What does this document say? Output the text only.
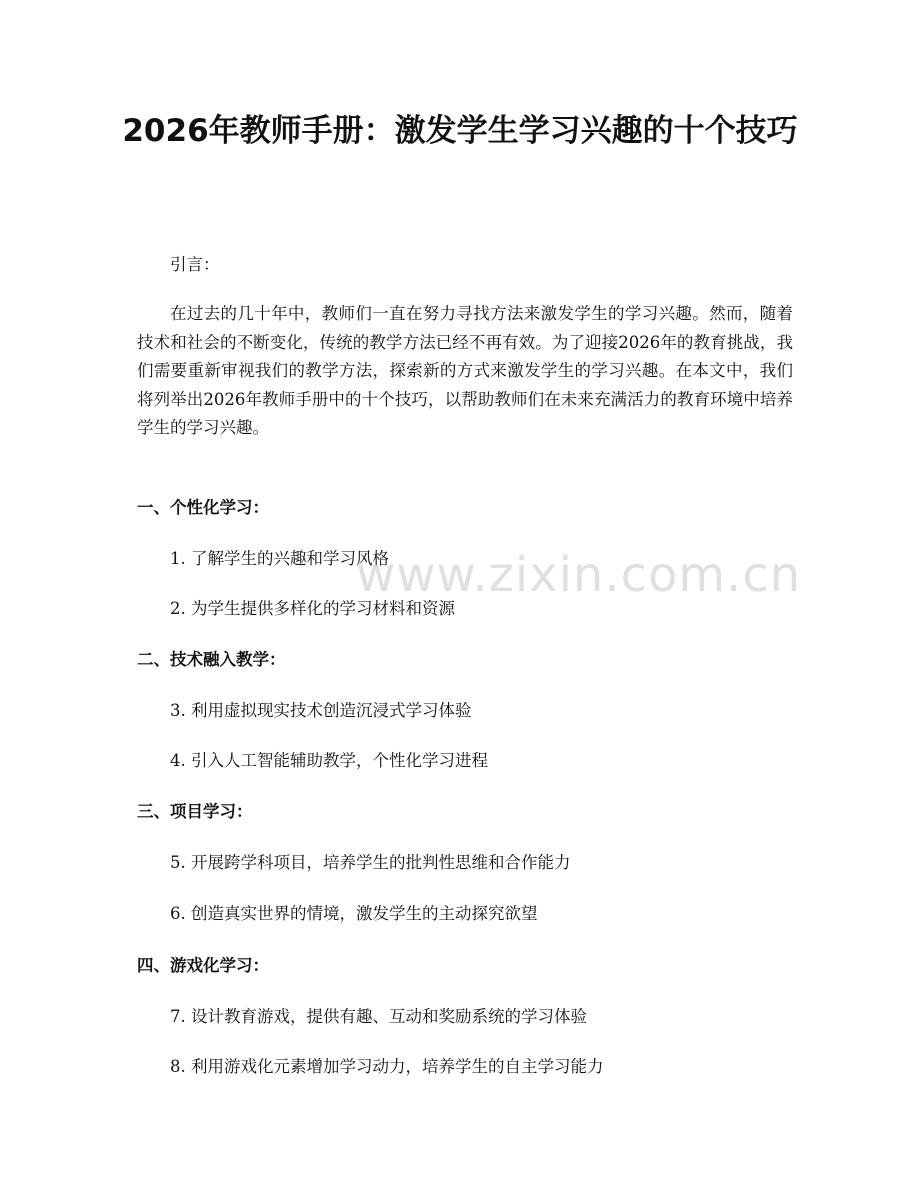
2026年教师手册：激发学生学习兴趣的十个技巧

引言：

在过去的几十年中，教师们一直在努力寻找方法来激发学生的学习兴趣。然而，随着技术和社会的不断变化，传统的教学方法已经不再有效。为了迎接2026年的教育挑战，我们需要重新审视我们的教学方法，探索新的方式来激发学生的学习兴趣。在本文中，我们将列举出2026年教师手册中的十个技巧，以帮助教师们在未来充满活力的教育环境中培养学生的学习兴趣。

一、个性化学习：

1. 了解学生的兴趣和学习风格

2. 为学生提供多样化的学习材料和资源

二、技术融入教学：

3. 利用虚拟现实技术创造沉浸式学习体验

4. 引入人工智能辅助教学，个性化学习进程

三、项目学习：

5. 开展跨学科项目，培养学生的批判性思维和合作能力

6. 创造真实世界的情境，激发学生的主动探究欲望

四、游戏化学习：

7. 设计教育游戏，提供有趣、互动和奖励系统的学习体验

8. 利用游戏化元素增加学习动力，培养学生的自主学习能力

www.zixin.com.cn
